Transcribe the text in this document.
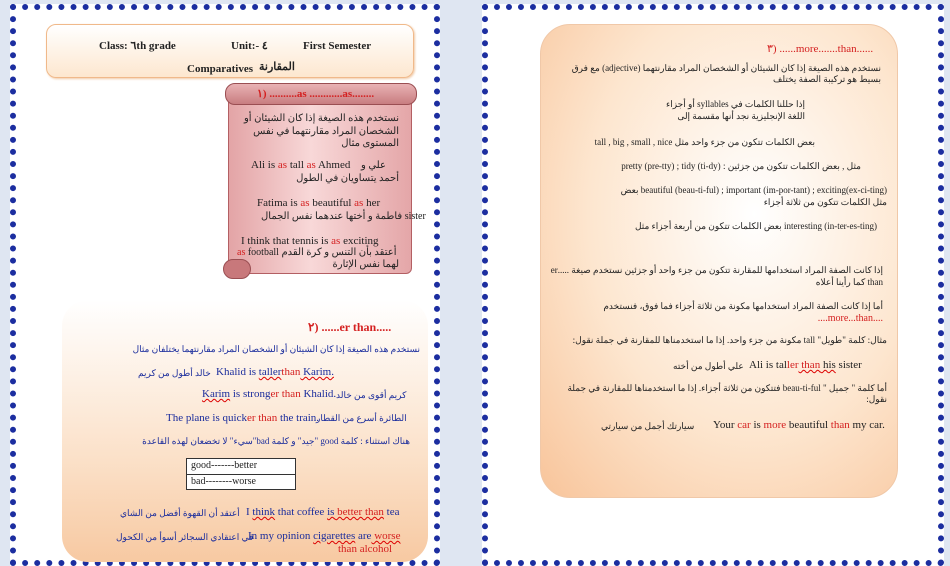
Class: ٦th grade	Unit:- ٤	First Semester
Comparatives المقارنة
١) ..........as ............as........
نستخدم هذه الصيغة إذا كان الشيئان أو الشخصان المراد مقارنتهما في نفس المستوى مثال
Ali is as tall as Ahmed علي و
أحمد يتساويان في الطول
Fatima is as beautiful as her
فاطمة و أختها عندهما نفس الجمال sister
I think that tennis is as exciting
as football أعتقد بأن التنس و كرة القدم
لهما نفس الإثارة
٢) ......er than.....
نستخدم هذه الصيغة إذا كان الشيئان أو الشخصان المراد مقارنتهما يختلفان مثال
Khalid is tallerthan Karim.
خالد أطول من كريم
Karim is stronger than Khalid. كريم أقوى من خالد
The plane is quicker than the train.
الطائرة أسرع من القطار
هناك استثناء : كلمة good "جيد" و كلمة bad"سيء" لا تخضعان لهذه القاعدة
good-------better
bad--------worse
I think that coffee is better than tea
أعتقد أن القهوة أفضل من الشاي
In my opinion cigarettes are worse
في اعتقادي السجائر أسوأ من الكحول
than alcohol
٣) ......more.......than......
نستخدم هذه الصيغة إذا كان الشيئان أو الشخصان المراد مقارنتهما (adjective) مع فرق بسيط هو تركيبة الصفة يختلف
إذا حللنا الكلمات في syllables أو أجزاء
اللغة الإنجليزية نجد أنها مقسمة إلى
بعض الكلمات تتكون من جزء واحد مثل tall , big , small , nice
مثل , بعض الكلمات تتكون من جزئين : pretty (pre-tty) ; tidy (ti-dy)
beautiful (beau-ti-ful) ; important (im-por-tant) ; exciting(ex-ci-ting) بعض
مثل الكلمات تتكون من ثلاثة أجزاء
interesting (in-ter-es-ting) بعض الكلمات تتكون من أربعة أجزاء مثل
إذا كانت الصفة المراد استخدامها للمقارنة تتكون من جزء واحد أو جزئين نستخدم صيغة .....er
than كما رأينا أعلاه
أما إذا كانت الصفة المراد استخدامها مكونة من ثلاثة أجزاء فما فوق، فنستخدم
....more...than....
مثال: كلمة "طويل" tall مكونة من جزء واحد. إذا ما استخدمناها للمقارنة في جملة نقول:
Ali is taller than his sister
علي أطول من أخته
أما كلمة " جميل " beau-ti-ful فتتكون من ثلاثة أجزاء. إذا ما استخدمناها للمقارنة في جملة نقول:
Your car is more beautiful than my car.
سيارتك أجمل من سيارتي
